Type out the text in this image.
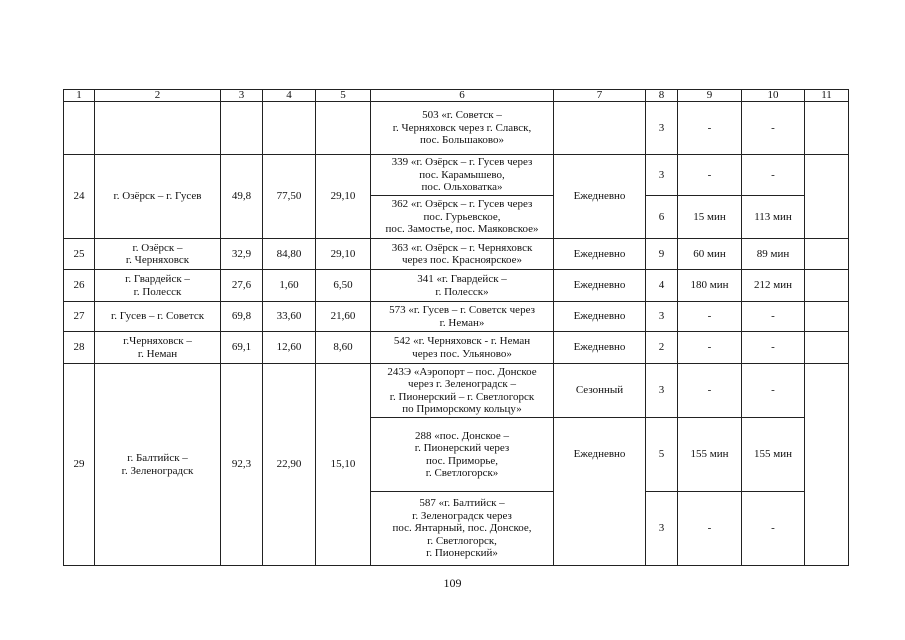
1	2	3	4	5	6	7	8	9	10	11
					503 «г. Советск –
г. Черняховск через г. Славск,
пос. Большаково»		3	-	-	
24	г. Озёрск – г. Гусев	49,8	77,50	29,10	339 «г. Озёрск – г. Гусев через
пос. Карамышево,
пос. Ольховатка»	Ежедневно	3	-	-	
					362 «г. Озёрск – г. Гусев через
пос. Гурьевское,
пос. Замостье, пос. Маяковское»		6	15 мин	113 мин	
25	г. Озёрск –
г. Черняховск	32,9	84,80	29,10	363 «г. Озёрск – г. Черняховск
через пос. Красноярское»	Ежедневно	9	60 мин	89 мин	
26	г. Гвардейск –
г. Полесск	27,6	1,60	6,50	341 «г. Гвардейск –
г. Полесск»	Ежедневно	4	180 мин	212 мин	
27	г. Гусев – г. Советск	69,8	33,60	21,60	573 «г. Гусев – г. Советск через
г. Неман»	Ежедневно	3	-	-	
28	г.Черняховск –
г. Неман	69,1	12,60	8,60	542 «г. Черняховск - г. Неман
через пос. Ульяново»	Ежедневно	2	-	-	
29	г. Балтийск –
г. Зеленоградск	92,3	22,90	15,10	243Э «Аэропорт – пос. Донское
через г. Зеленоградск –
г. Пионерский – г. Светлогорск
по Приморскому кольцу»	Сезонный	3	-	-	
					288 «пос. Донское –
г. Пионерский через
пос. Приморье,
г. Светлогорск»	Ежедневно	5	155 мин	155 мин	
					587 «г. Балтийск –
г. Зеленоградск через
пос. Янтарный, пос. Донское,
г. Светлогорск,
г. Пионерский»		3	-	-	
109
